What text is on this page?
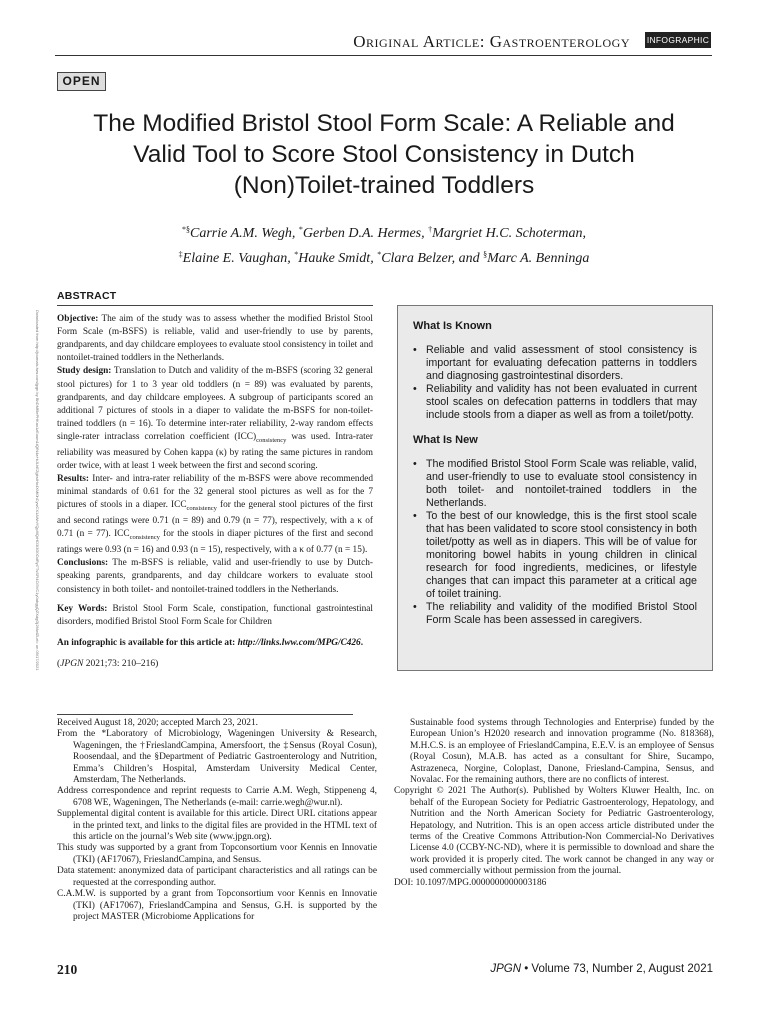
Original Article: Gastroenterology INFOGRAPHIC
OPEN
The Modified Bristol Stool Form Scale: A Reliable and
Valid Tool to Score Stool Consistency in Dutch
(Non)Toilet-trained Toddlers
*§Carrie A.M. Wegh, *Gerben D.A. Hermes, †Margriet H.C. Schoterman,
‡Elaine E. Vaughan, *Hauke Smidt, *Clara Belzer, and §Marc A. Benninga
Downloaded from http://journals.lww.com/jpgn by BhDMf5ePHKav1zEoum1tQfN4a+kJLhEZgbsIHo4XMi0hCywCX1AWnYQp/IlQrHD3i3D0OdRyi7TvSFl4Cf3VC1y0abggQZXdgGj2MwlZLel= on 09/17/2021
ABSTRACT

Objective: The aim of the study was to assess whether the modified Bristol Stool Form Scale (m-BSFS) is reliable, valid and user-friendly to use by parents, grandparents, and day childcare employees to evaluate stool consistency in toilet and nontoilet-trained toddlers in the Netherlands.

Study design: Translation to Dutch and validity of the m-BSFS (scoring 32 general stool pictures) for 1 to 3 year old toddlers (n = 89) was evaluated by parents, grandparents, and day childcare employees. A subgroup of participants scored an additional 7 pictures of stools in a diaper to validate the m-BSFS for non-toilet-trained toddlers (n = 16). To determine inter-rater reliability, 2-way random effects single-rater intraclass correlation coefficient $(ICC)_{consistency}$ was used. Intra-rater reliability was measured by Cohen kappa (κ) by rating the same pictures in random order twice, with at least 1 week between the first and second scoring.

Results: Inter- and intra-rater reliability of the m-BSFS were above recommended minimal standards of 0.61 for the 32 general stool pictures as well as for the 7 pictures of stools in a diaper. $ICC_{consistency}$ for the general stool pictures of the first and second ratings were 0.71 (n = 89) and 0.79 (n = 77), respectively, with a κ of 0.71 (n = 77). $ICC_{consistency}$ for the stools in diaper pictures of the first and second ratings were 0.93 (n = 16) and 0.93 (n = 15), respectively, with a κ of 0.77 (n = 15).

Conclusions: The m-BSFS is reliable, valid and user-friendly to use by Dutch-speaking parents, grandparents, and day childcare workers to evaluate stool consistency in both toilet- and nontoilet-trained toddlers in the Netherlands.

Key Words: Bristol Stool Form Scale, constipation, functional gastrointestinal disorders, modified Bristol Stool Form Scale for Children

An infographic is available for this article at: http://links.lww.com/MPG/C426.

(JPGN 2021;73: 210–216)

What Is Known
• Reliable and valid assessment of stool consistency is important for evaluating defecation patterns in toddlers and diagnosing gastrointestinal disorders.
• Reliability and validity has not been evaluated in current stool scales on defecation patterns in toddlers that may include stools from a diaper as well as from a toilet/potty.
What Is New
• The modified Bristol Stool Form Scale was reliable, valid, and user-friendly to use to evaluate stool consistency in both toilet- and nontoilet-trained toddlers in the Netherlands.
• To the best of our knowledge, this is the first stool scale that has been validated to score stool consistency in both toilet/potty as well as in diapers. This will be of value for monitoring bowel habits in young children in clinical research for food ingredients, medicines, or lifestyle changes that can impact this parameter at a critical age of toilet training.
• The reliability and validity of the modified Bristol Stool Form Scale has been assessed in caregivers.

Received August 18, 2020; accepted March 23, 2021.

From the *Laboratory of Microbiology, Wageningen University & Research, Wageningen, the †FrieslandCampina, Amersfoort, the ‡Sensus (Royal Cosun), Roosendaal, and the §Department of Pediatric Gastroenterology and Nutrition, Emma’s Children’s Hospital, Amsterdam University Medical Center, Amsterdam, The Netherlands.

Address correspondence and reprint requests to Carrie A.M. Wegh, Stippeneng 4, 6708 WE, Wageningen, The Netherlands (e-mail: carrie.wegh@wur.nl).

Supplemental digital content is available for this article. Direct URL citations appear in the printed text, and links to the digital files are provided in the HTML text of this article on the journal’s Web site (www.jpgn.org).

This study was supported by a grant from Topconsortium voor Kennis en Innovatie (TKI) (AF17067), FrieslandCampina, and Sensus.

Data statement: anonymized data of participant characteristics and all ratings can be requested at the corresponding author.

C.A.M.W. is supported by a grant from Topconsortium voor Kennis en Innovatie (TKI) (AF17067), FrieslandCampina and Sensus, G.H. is supported by the project MASTER (Microbiome Applications for

Sustainable food systems through Technologies and Enterprise) funded by the European Union’s H2020 research and innovation programme (No. 818368), M.H.C.S. is an employee of FrieslandCampina, E.E.V. is an employee of Sensus (Royal Cosun), M.A.B. has acted as a consultant for Shire, Sucampo, Astrazeneca, Norgine, Coloplast, Danone, Friesland-Campina, Sensus, and Novalac. For the remaining authors, there are no conflicts of interest.

Copyright © 2021 The Author(s). Published by Wolters Kluwer Health, Inc. on behalf of the European Society for Pediatric Gastroenterology, Hepatology, and Nutrition and the North American Society for Pediatric Gastroenterology, Hepatology, and Nutrition. This is an open access article distributed under the terms of the Creative Commons Attribution-Non Commercial-No Derivatives License 4.0 (CCBY-NC-ND), where it is permissible to download and share the work provided it is properly cited. The work cannot be changed in any way or used commercially without permission from the journal.

DOI: 10.1097/MPG.0000000000003186

210	JPGN • Volume 73, Number 2, August 2021
